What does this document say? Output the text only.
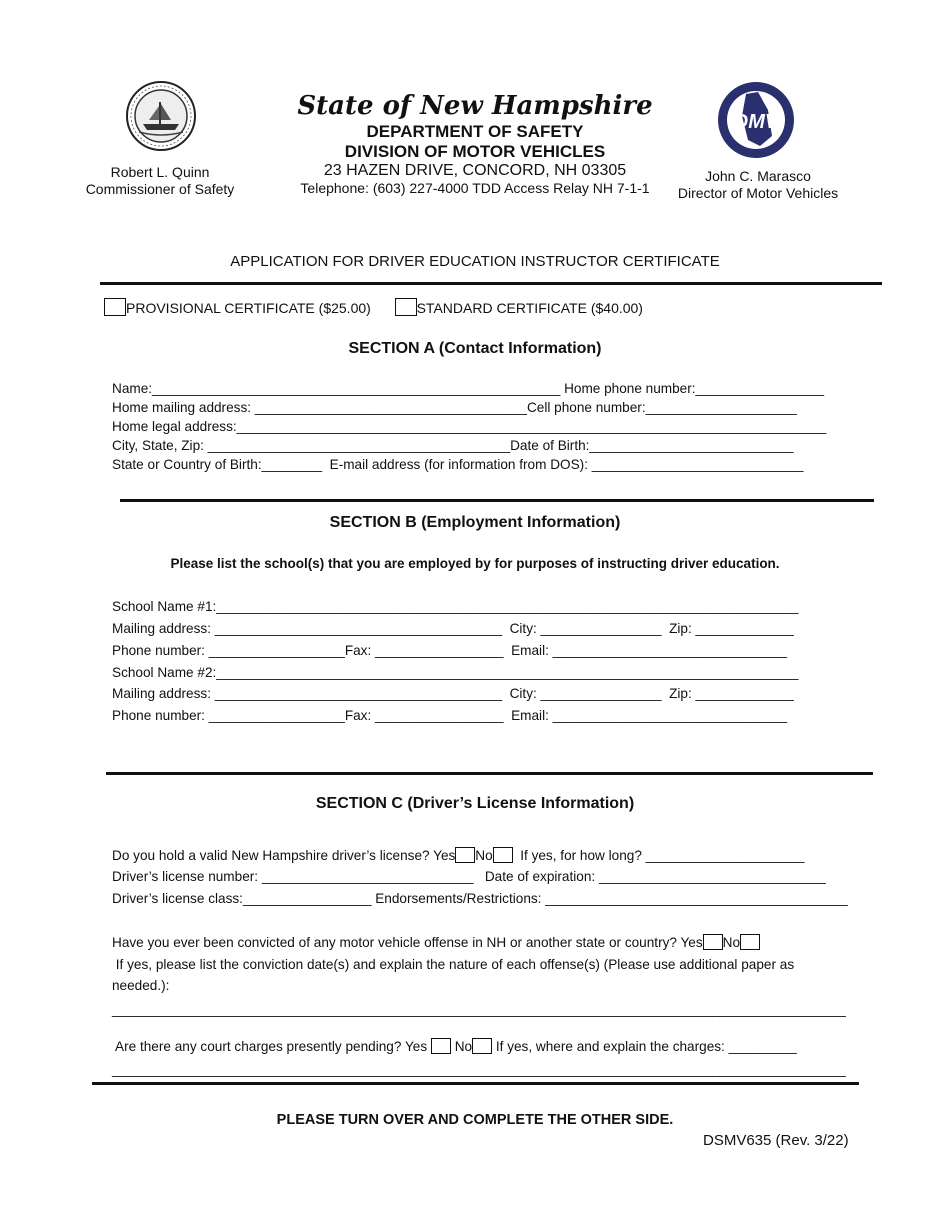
Robert L. Quinn
Commissioner of Safety
State of New Hampshire
DEPARTMENT OF SAFETY
DIVISION OF MOTOR VEHICLES
23 HAZEN DRIVE, CONCORD, NH 03305
Telephone: (603) 227-4000 TDD Access Relay NH 7-1-1
DMV
John C. Marasco
Director of Motor Vehicles
APPLICATION FOR DRIVER EDUCATION INSTRUCTOR CERTIFICATE
PROVISIONAL CERTIFICATE ($25.00)	STANDARD CERTIFICATE ($40.00)
SECTION A (Contact Information)
Name:______________________________________________________ Home phone number:_________________
Home mailing address: ____________________________________Cell phone number:____________________
Home legal address:______________________________________________________________________________
City, State, Zip: ________________________________________Date of Birth:___________________________
State or Country of Birth:________  E-mail address (for information from DOS): ____________________________
SECTION B (Employment Information)
Please list the school(s) that you are employed by for purposes of instructing driver education.
School Name #1:_____________________________________________________________________________
Mailing address: ______________________________________  City: ________________  Zip: _____________
Phone number: __________________Fax: _________________  Email: _______________________________
School Name #2:_____________________________________________________________________________
Mailing address: ______________________________________  City: ________________  Zip: _____________
Phone number: __________________Fax: _________________  Email: _______________________________
SECTION C (Driver’s License Information)
Do you hold a valid New Hampshire driver’s license? Yes No If yes, for how long? _____________________
Driver’s license number: ____________________________   Date of expiration: ______________________________
Driver’s license class:_________________ Endorsements/Restrictions: ________________________________________
Have you ever been convicted of any motor vehicle offense in NH or another state or country? Yes No
If yes, please list the conviction date(s) and explain the nature of each offense(s) (Please use additional paper as
needed.):
___________________________________________________________________________________________________
Are there any court charges presently pending? Yes No If yes, where and explain the charges: _________
___________________________________________________________________________________________________
PLEASE TURN OVER AND COMPLETE THE OTHER SIDE.
DSMV635 (Rev. 3/22)
